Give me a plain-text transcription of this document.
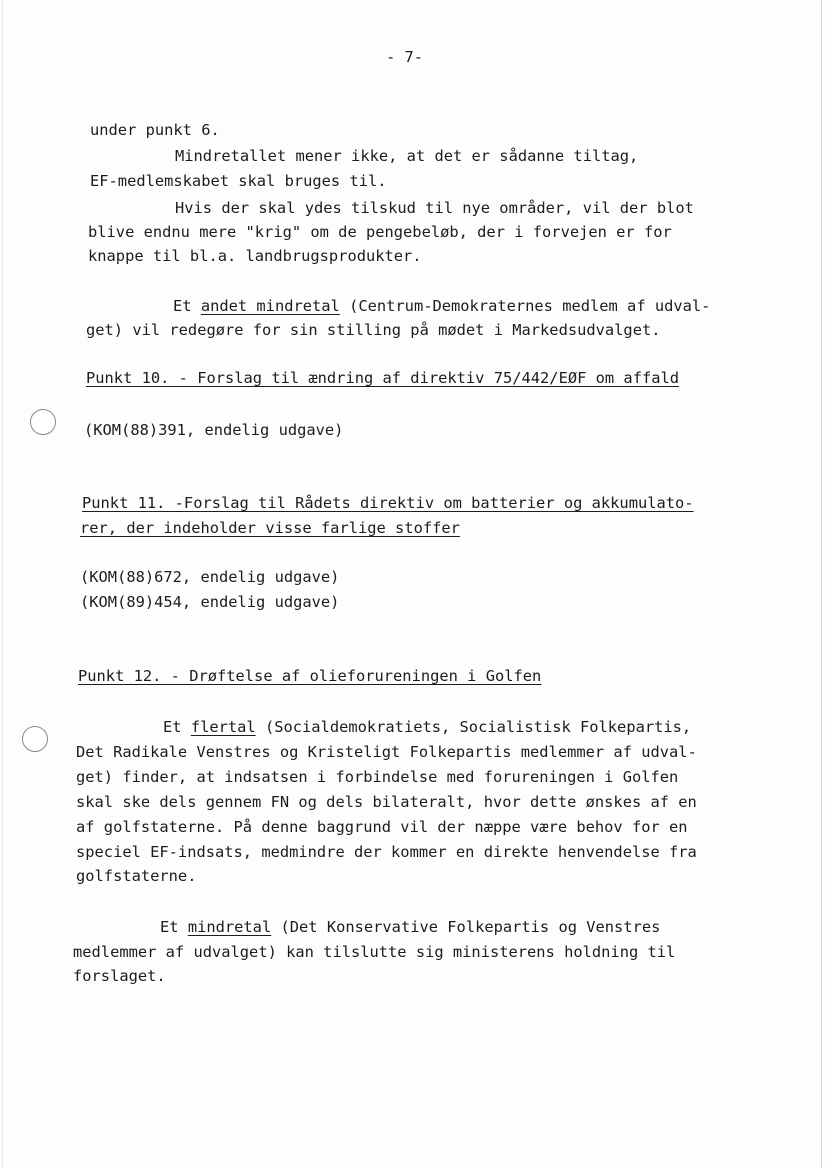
- 7-
under punkt 6.
Mindretallet mener ikke, at det er sådanne tiltag,
EF-medlemskabet skal bruges til.
Hvis der skal ydes tilskud til nye områder, vil der blot
blive endnu mere "krig" om de pengebeløb, der i forvejen er for
knappe til bl.a. landbrugsprodukter.
Et andet mindretal (Centrum-Demokraternes medlem af udval-
get) vil redegøre for sin stilling på mødet i Markedsudvalget.
Punkt 10. - Forslag til ændring af direktiv 75/442/EØF om affald
(KOM(88)391, endelig udgave)
Punkt 11. -Forslag til Rådets direktiv om batterier og akkumulato-
rer, der indeholder visse farlige stoffer
(KOM(88)672, endelig udgave)
(KOM(89)454, endelig udgave)
Punkt 12. - Drøftelse af olieforureningen i Golfen
Et flertal (Socialdemokratiets, Socialistisk Folkepartis,
Det Radikale Venstres og Kristeligt Folkepartis medlemmer af udval-
get) finder, at indsatsen i forbindelse med forureningen i Golfen
skal ske dels gennem FN og dels bilateralt, hvor dette ønskes af en
af golfstaterne. På denne baggrund vil der næppe være behov for en
speciel EF-indsats, medmindre der kommer en direkte henvendelse fra
golfstaterne.
Et mindretal (Det Konservative Folkepartis og Venstres
medlemmer af udvalget) kan tilslutte sig ministerens holdning til
forslaget.
